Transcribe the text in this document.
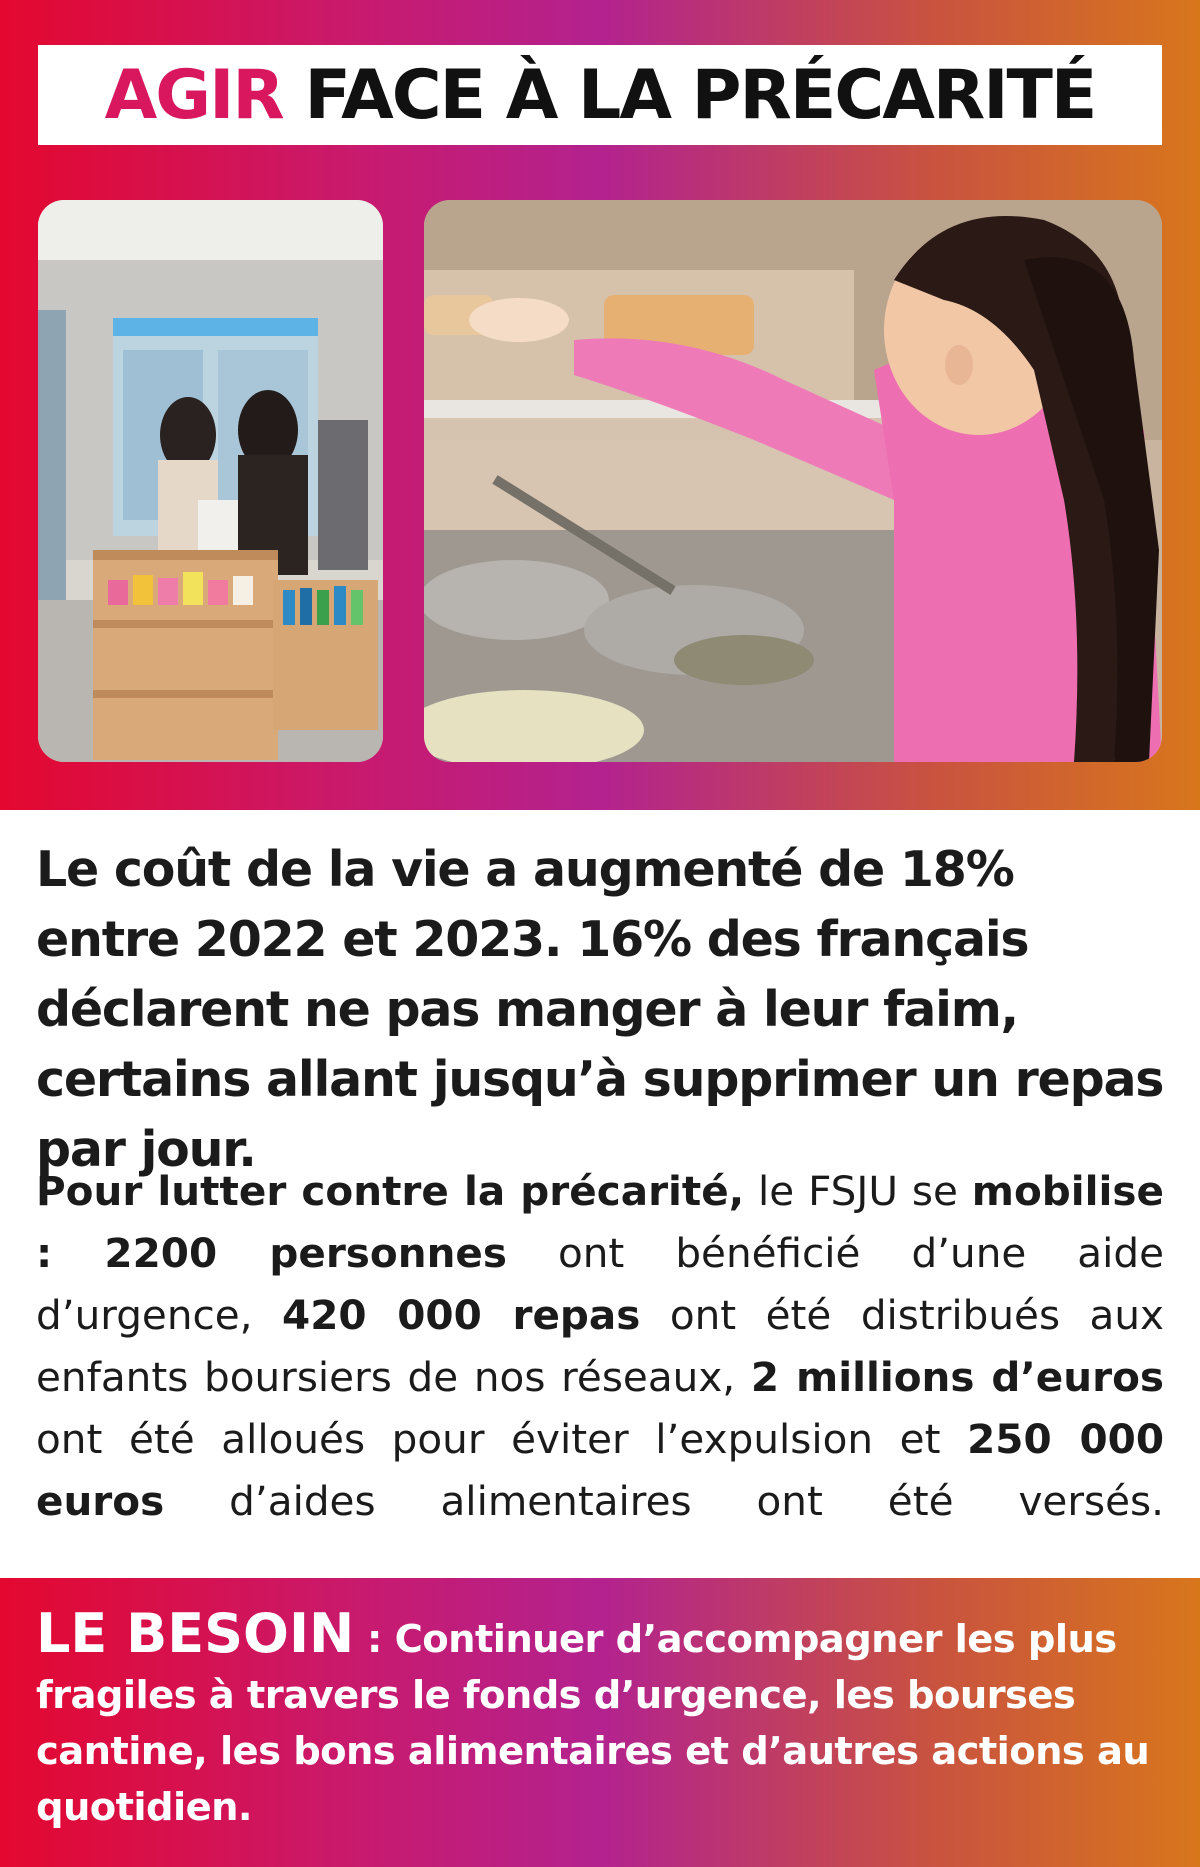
AGIR FACE À LA PRÉCARITÉ
Le coût de la vie a augmenté de 18% entre 2022 et 2023. 16% des français déclarent ne pas manger à leur faim, certains allant jusqu’à supprimer un repas par jour.
Pour lutter contre la précarité, le FSJU se mobilise : 2200 personnes ont bénéficié d’une aide d’urgence, 420 000 repas ont été distribués aux enfants boursiers de nos réseaux, 2 millions d’euros ont été alloués pour éviter l’expulsion et 250 000 euros d’aides alimentaires ont été versés.
LE BESOIN : Continuer d’accompagner les plus fragiles à travers le fonds d’urgence, les bourses cantine, les bons alimentaires et d’autres actions au quotidien.
